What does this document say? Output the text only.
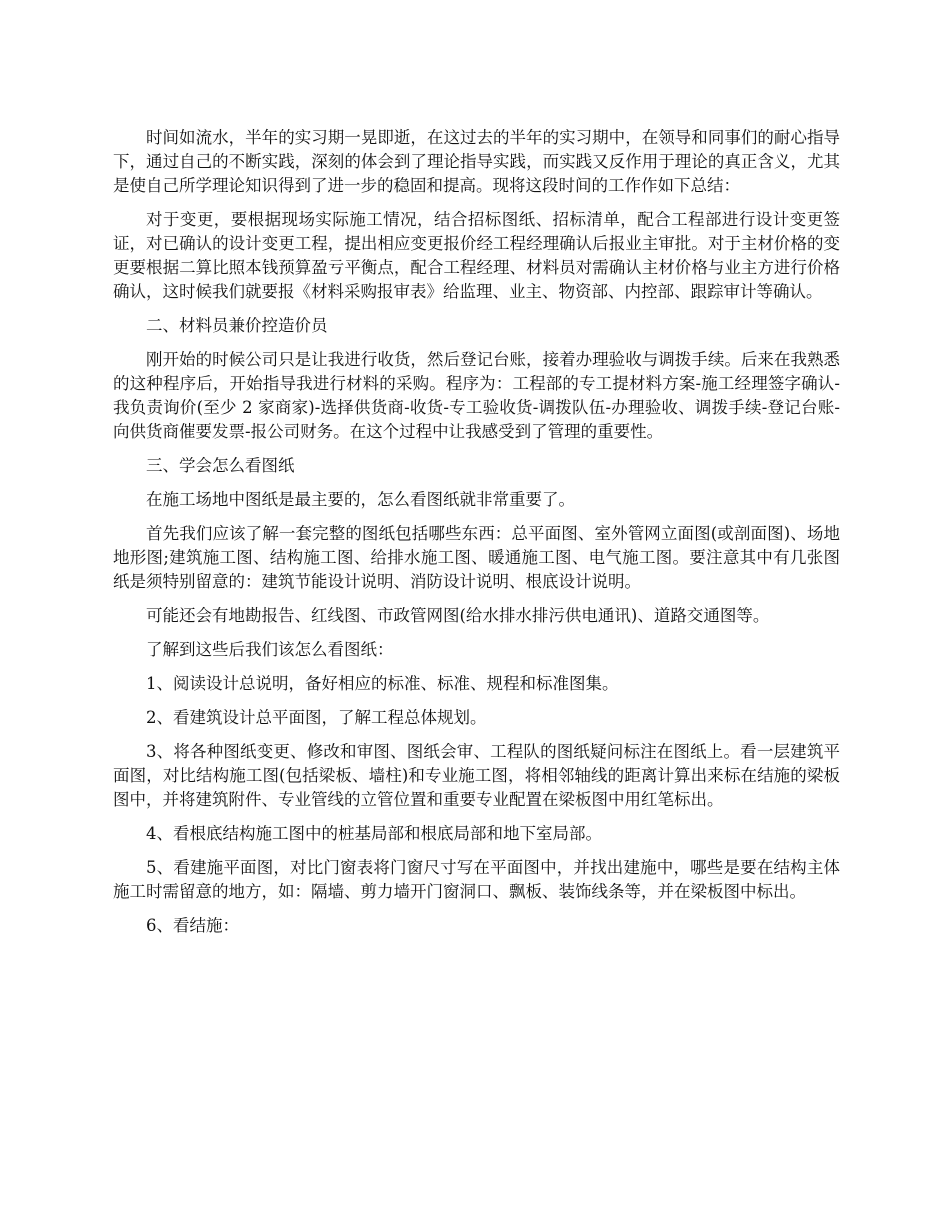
时间如流水，半年的实习期一晃即逝，在这过去的半年的实习期中，在领导和同事们的耐心指导下，通过自己的不断实践，深刻的体会到了理论指导实践，而实践又反作用于理论的真正含义，尤其是使自己所学理论知识得到了进一步的稳固和提高。现将这段时间的工作作如下总结：

对于变更，要根据现场实际施工情况，结合招标图纸、招标清单，配合工程部进行设计变更签证，对已确认的设计变更工程，提出相应变更报价经工程经理确认后报业主审批。对于主材价格的变更要根据二算比照本钱预算盈亏平衡点，配合工程经理、材料员对需确认主材价格与业主方进行价格确认，这时候我们就要报《材料采购报审表》给监理、业主、物资部、内控部、跟踪审计等确认。

二、材料员兼价控造价员

刚开始的时候公司只是让我进行收货，然后登记台账，接着办理验收与调拨手续。后来在我熟悉的这种程序后，开始指导我进行材料的采购。程序为：工程部的专工提材料方案-施工经理签字确认-我负责询价(至少 2 家商家)-选择供货商-收货-专工验收货-调拨队伍-办理验收、调拨手续-登记台账-向供货商催要发票-报公司财务。在这个过程中让我感受到了管理的重要性。

三、学会怎么看图纸

在施工场地中图纸是最主要的，怎么看图纸就非常重要了。

首先我们应该了解一套完整的图纸包括哪些东西：总平面图、室外管网立面图(或剖面图)、场地地形图;建筑施工图、结构施工图、给排水施工图、暖通施工图、电气施工图。要注意其中有几张图纸是须特别留意的：建筑节能设计说明、消防设计说明、根底设计说明。

可能还会有地勘报告、红线图、市政管网图(给水排水排污供电通讯)、道路交通图等。

了解到这些后我们该怎么看图纸：

1、阅读设计总说明，备好相应的标准、标准、规程和标准图集。

2、看建筑设计总平面图，了解工程总体规划。

3、将各种图纸变更、修改和审图、图纸会审、工程队的图纸疑问标注在图纸上。看一层建筑平面图，对比结构施工图(包括梁板、墙柱)和专业施工图，将相邻轴线的距离计算出来标在结施的梁板图中，并将建筑附件、专业管线的立管位置和重要专业配置在梁板图中用红笔标出。

4、看根底结构施工图中的桩基局部和根底局部和地下室局部。

5、看建施平面图，对比门窗表将门窗尺寸写在平面图中，并找出建施中，哪些是要在结构主体施工时需留意的地方，如：隔墙、剪力墙开门窗洞口、飘板、装饰线条等，并在梁板图中标出。

6、看结施：
